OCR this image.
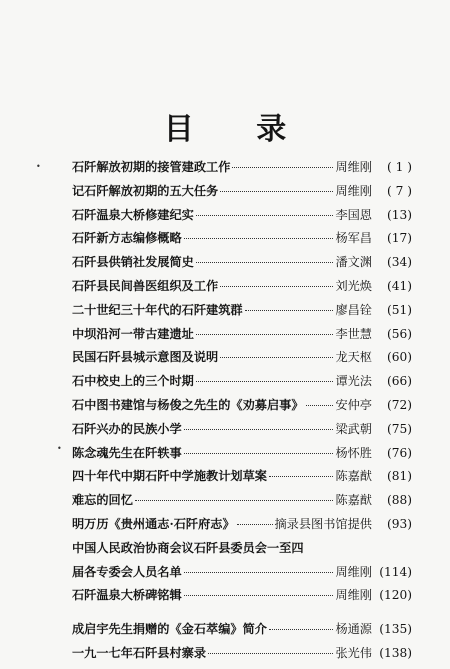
目 录
•
•
石阡解放初期的接管建政工作	周维刚	( 1 )
记石阡解放初期的五大任务	周维刚	( 7 )
石阡温泉大桥修建纪实	李国恩	(13)
石阡新方志编修概略	杨军昌	(17)
石阡县供销社发展简史	潘文渊	(34)
石阡县民间兽医组织及工作	刘光焕	(41)
二十世纪三十年代的石阡建筑群	廖昌铨	(51)
中坝沿河一带古建遗址	李世慧	(56)
民国石阡县城示意图及说明	龙天枢	(60)
石中校史上的三个时期	谭光法	(66)
石中图书建馆与杨俊之先生的《劝募启事》	安仲亭	(72)
石阡兴办的民族小学	梁武朝	(75)
陈念魂先生在阡轶事	杨怀胜	(76)
四十年代中期石阡中学施教计划草案	陈嘉猷	(81)
难忘的回忆	陈嘉猷	(88)
明万历《贵州通志·石阡府志》	摘录县图书馆提供	(93)
中国人民政治协商会议石阡县委员会一至四
届各专委会人员名单	周维刚 (114)
石阡温泉大桥碑铭辑	周维刚 (120)
成启宇先生捐赠的《金石萃编》简介	杨通源 (135)
一九一七年石阡县村寨录	张光伟 (138)
